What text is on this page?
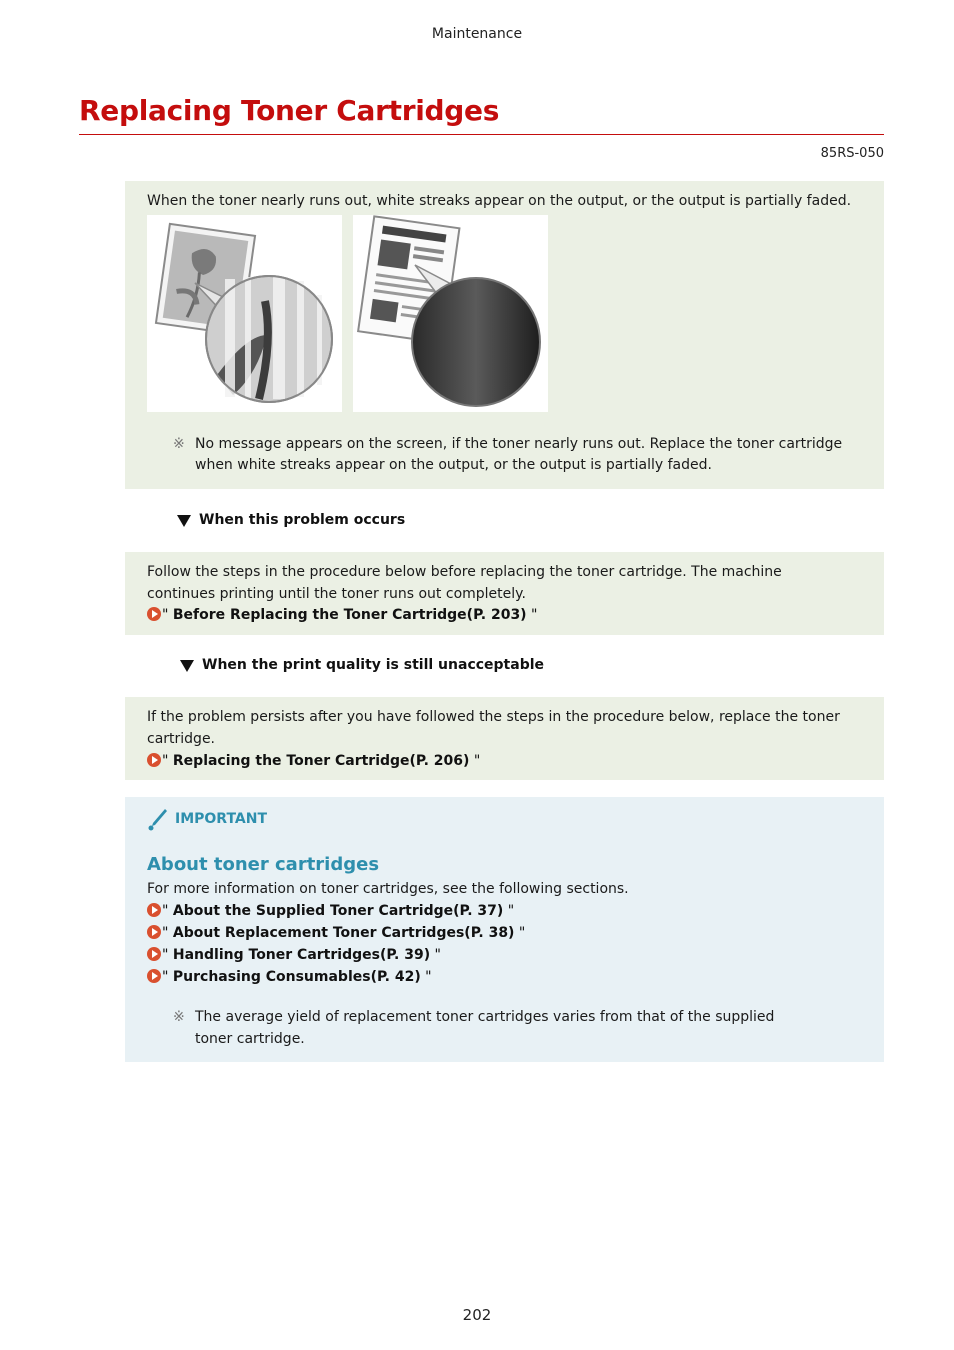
Maintenance
Replacing Toner Cartridges
85RS-050
When the toner nearly runs out, white streaks appear on the output, or the output is partially faded.
※ No message appears on the screen, if the toner nearly runs out. Replace the toner cartridge when white streaks appear on the output, or the output is partially faded.
When this problem occurs
Follow the steps in the procedure below before replacing the toner cartridge. The machine continues printing until the toner runs out completely.
" Before Replacing the Toner Cartridge(P. 203) "
When the print quality is still unacceptable
If the problem persists after you have followed the steps in the procedure below, replace the toner cartridge.
" Replacing the Toner Cartridge(P. 206) "
IMPORTANT
About toner cartridges
For more information on toner cartridges, see the following sections.
" About the Supplied Toner Cartridge(P. 37) "
" About Replacement Toner Cartridges(P. 38) "
" Handling Toner Cartridges(P. 39) "
" Purchasing Consumables(P. 42) "
※ The average yield of replacement toner cartridges varies from that of the supplied toner cartridge.
202
